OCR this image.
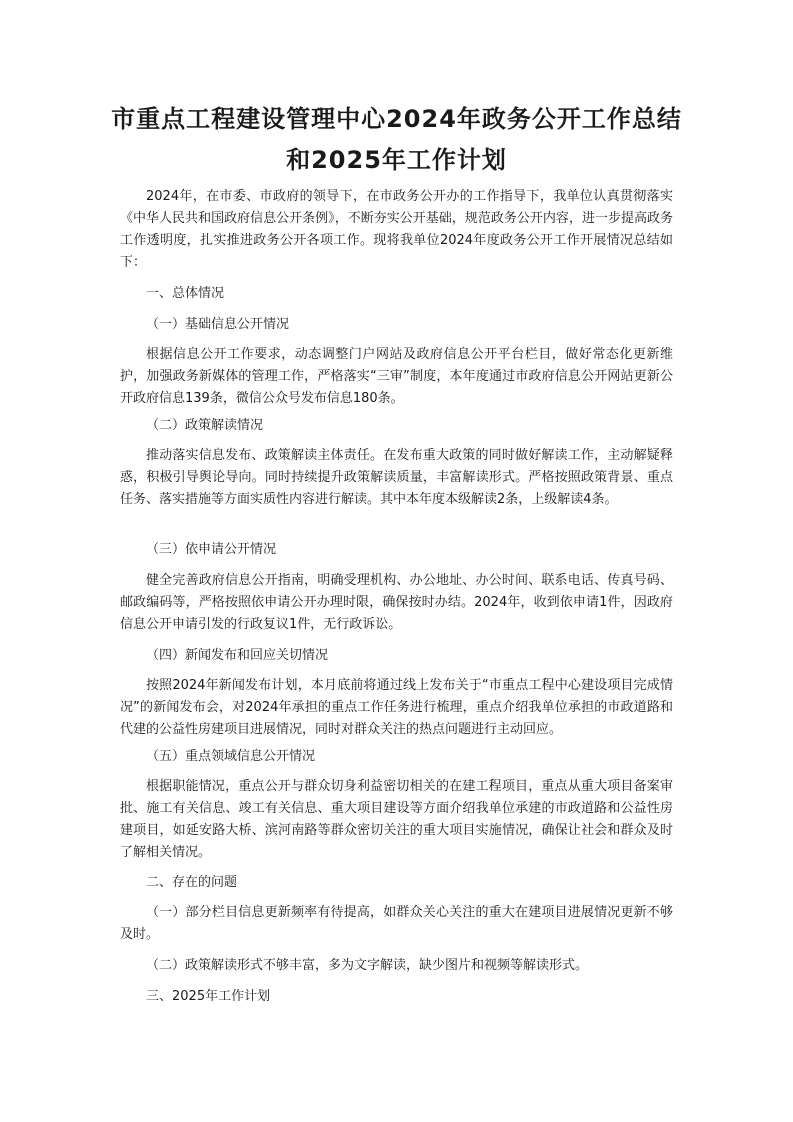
市重点工程建设管理中心2024年政务公开工作总结
和2025年工作计划

2024年，在市委、市政府的领导下，在市政务公开办的工作指导下，我单位认真贯彻落实《中华人民共和国政府信息公开条例》，不断夯实公开基础，规范政务公开内容，进一步提高政务工作透明度，扎实推进政务公开各项工作。现将我单位2024年度政务公开工作开展情况总结如下：

一、总体情况

（一）基础信息公开情况

根据信息公开工作要求，动态调整门户网站及政府信息公开平台栏目，做好常态化更新维护，加强政务新媒体的管理工作，严格落实“三审”制度，本年度通过市政府信息公开网站更新公开政府信息139条，微信公众号发布信息180条。

（二）政策解读情况

推动落实信息发布、政策解读主体责任。在发布重大政策的同时做好解读工作，主动解疑释惑，积极引导舆论导向。同时持续提升政策解读质量，丰富解读形式。严格按照政策背景、重点任务、落实措施等方面实质性内容进行解读。其中本年度本级解读2条，上级解读4条。

（三）依申请公开情况

健全完善政府信息公开指南，明确受理机构、办公地址、办公时间、联系电话、传真号码、邮政编码等，严格按照依申请公开办理时限，确保按时办结。2024年，收到依申请1件，因政府信息公开申请引发的行政复议1件，无行政诉讼。

（四）新闻发布和回应关切情况

按照2024年新闻发布计划，本月底前将通过线上发布关于“市重点工程中心建设项目完成情况”的新闻发布会，对2024年承担的重点工作任务进行梳理，重点介绍我单位承担的市政道路和代建的公益性房建项目进展情况，同时对群众关注的热点问题进行主动回应。

（五）重点领域信息公开情况

根据职能情况，重点公开与群众切身利益密切相关的在建工程项目，重点从重大项目备案审批、施工有关信息、竣工有关信息、重大项目建设等方面介绍我单位承建的市政道路和公益性房建项目，如延安路大桥、滨河南路等群众密切关注的重大项目实施情况，确保让社会和群众及时了解相关情况。

二、存在的问题

（一）部分栏目信息更新频率有待提高，如群众关心关注的重大在建项目进展情况更新不够及时。

（二）政策解读形式不够丰富，多为文字解读，缺少图片和视频等解读形式。

三、2025年工作计划
